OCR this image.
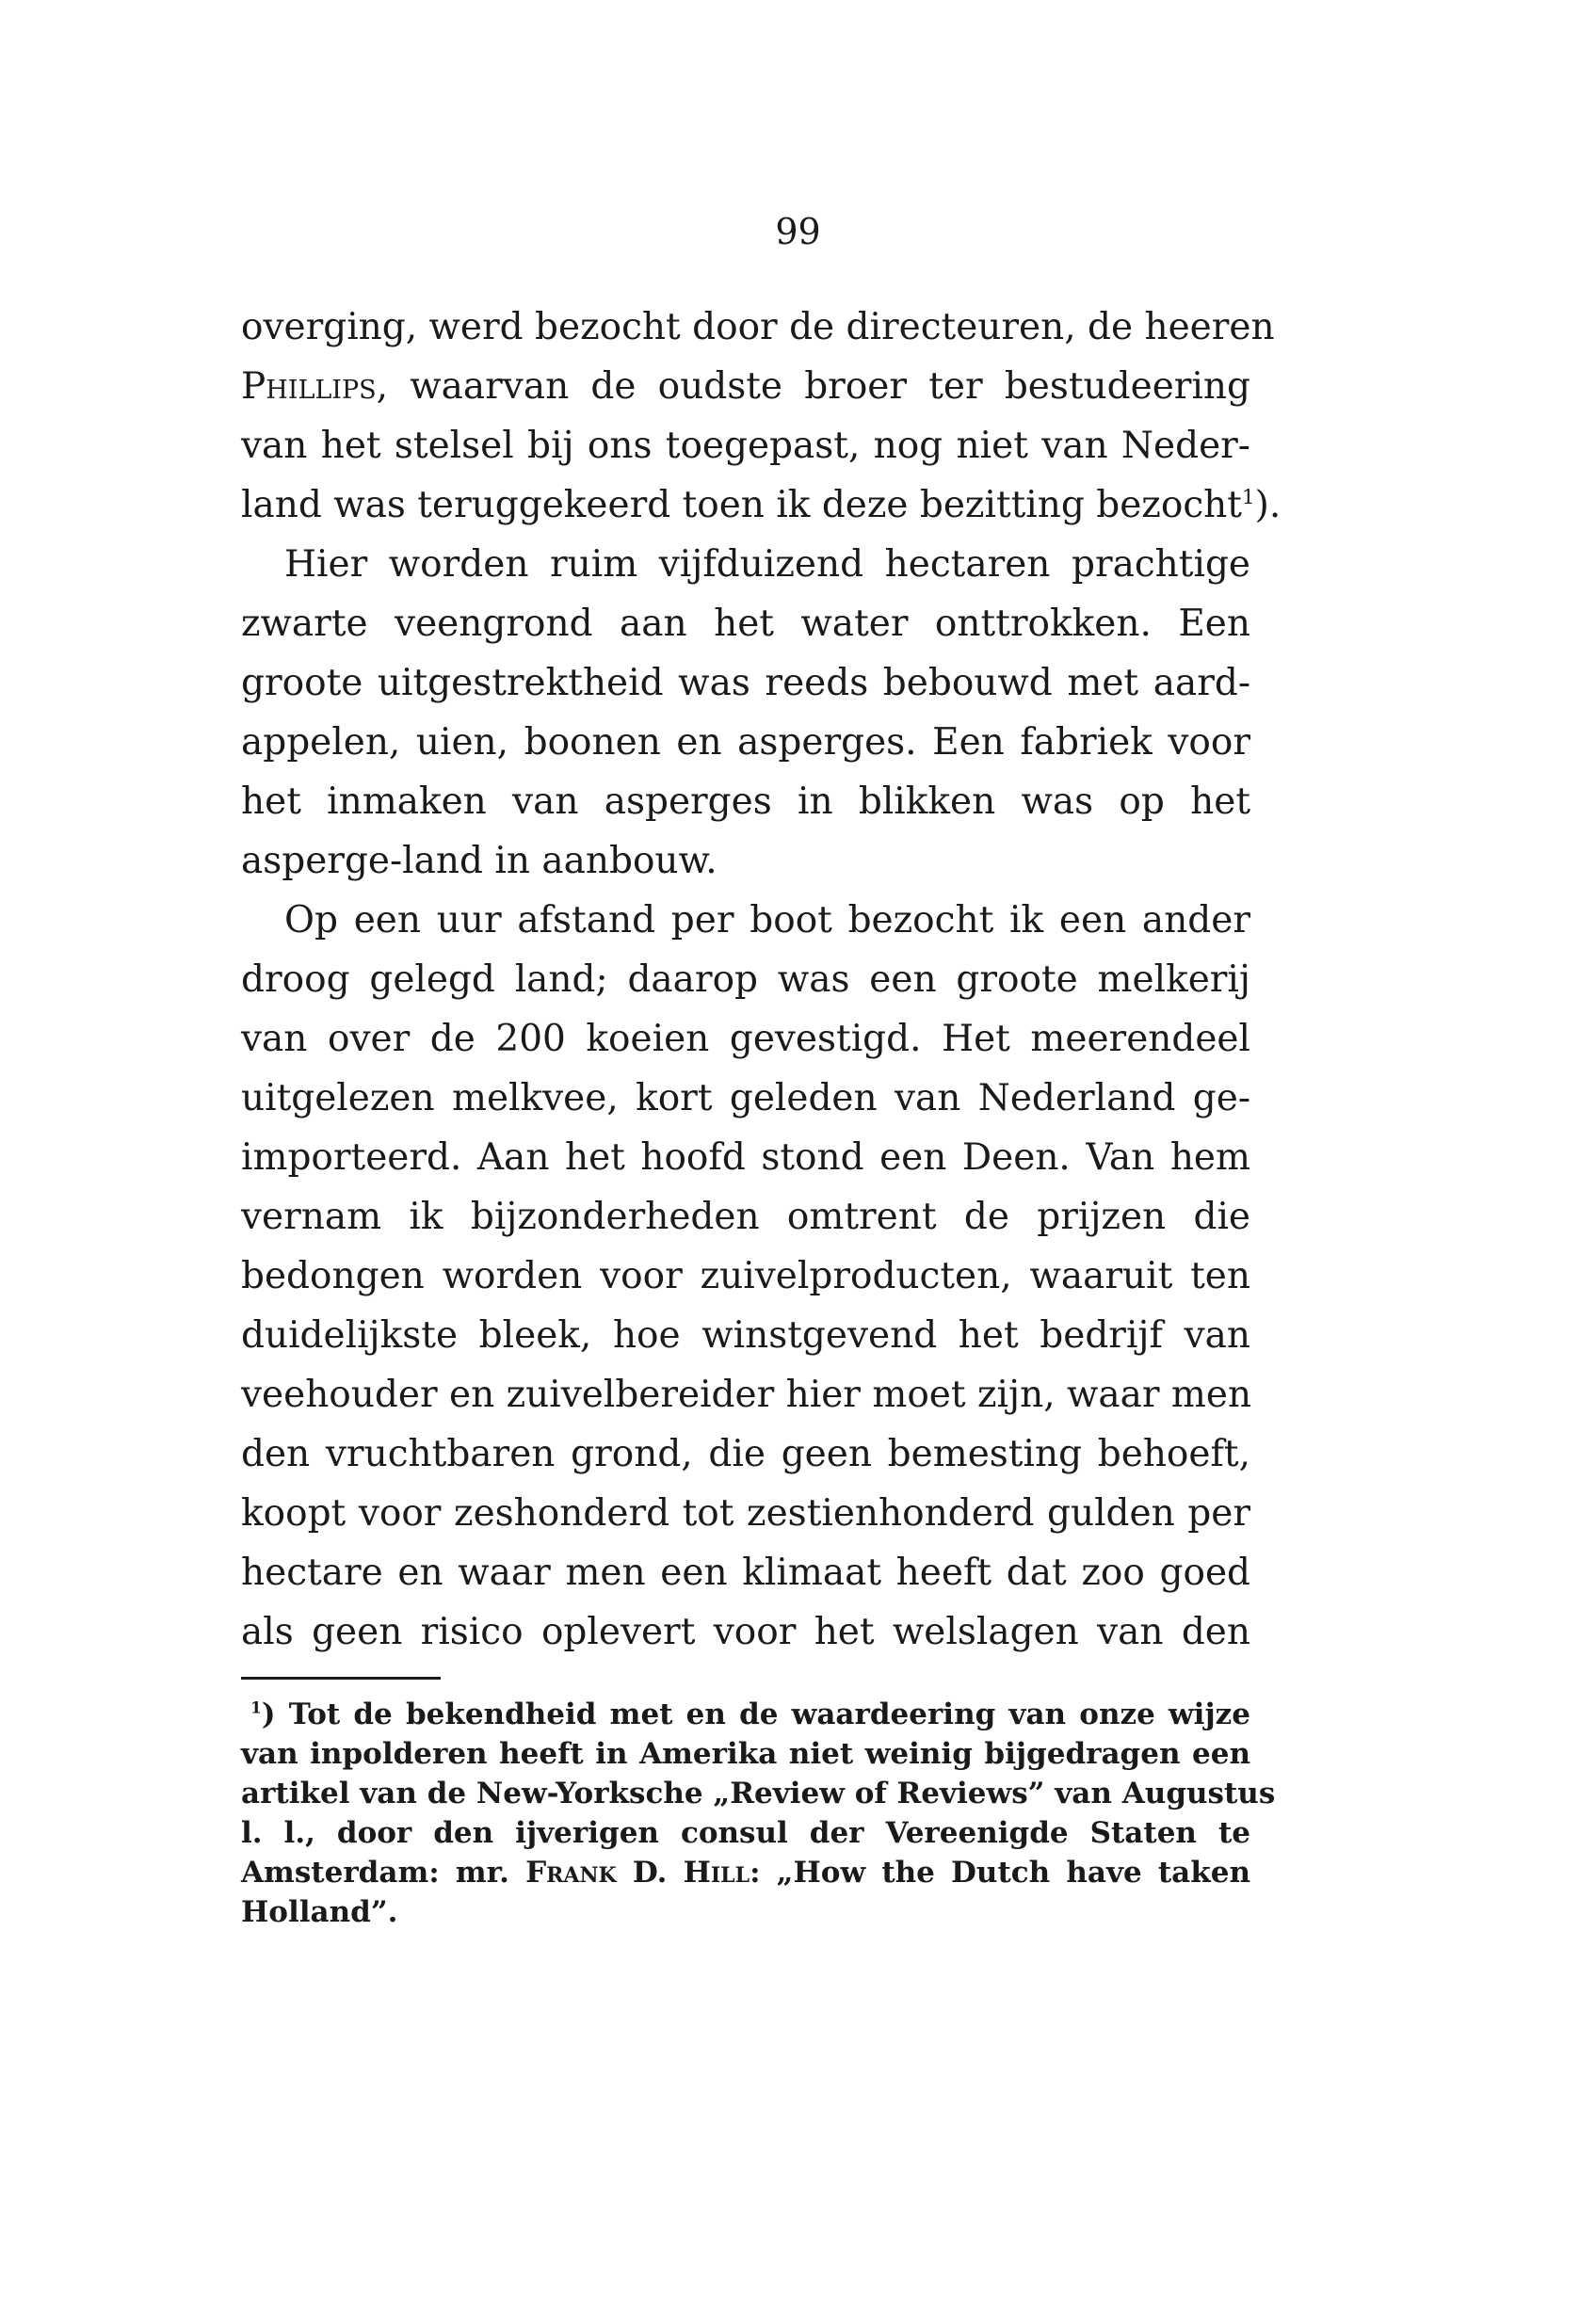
99
overging, werd bezocht door de directeuren, de heeren
Phillips, waarvan de oudste broer ter bestudeering
van het stelsel bij ons toegepast, nog niet van Neder-
land was teruggekeerd toen ik deze bezitting bezocht$^1$).
Hier worden ruim vijfduizend hectaren prachtige
zwarte veengrond aan het water onttrokken. Een
groote uitgestrektheid was reeds bebouwd met aard-
appelen, uien, boonen en asperges. Een fabriek voor
het inmaken van asperges in blikken was op het
asperge-land in aanbouw.
Op een uur afstand per boot bezocht ik een ander
droog gelegd land; daarop was een groote melkerij
van over de 200 koeien gevestigd. Het meerendeel
uitgelezen melkvee, kort geleden van Nederland ge-
importeerd. Aan het hoofd stond een Deen. Van hem
vernam ik bijzonderheden omtrent de prijzen die
bedongen worden voor zuivelproducten, waaruit ten
duidelijkste bleek, hoe winstgevend het bedrijf van
veehouder en zuivelbereider hier moet zijn, waar men
den vruchtbaren grond, die geen bemesting behoeft,
koopt voor zeshonderd tot zestienhonderd gulden per
hectare en waar men een klimaat heeft dat zoo goed
als geen risico oplevert voor het welslagen van den
$^1$) Tot de bekendheid met en de waardeering van onze wijze
van inpolderen heeft in Amerika niet weinig bijgedragen een
artikel van de New-Yorksche „Review of Reviews” van Augustus
l. l., door den ijverigen consul der Vereenigde Staten te
Amsterdam: mr. Frank D. Hill: „How the Dutch have taken
Holland”.
